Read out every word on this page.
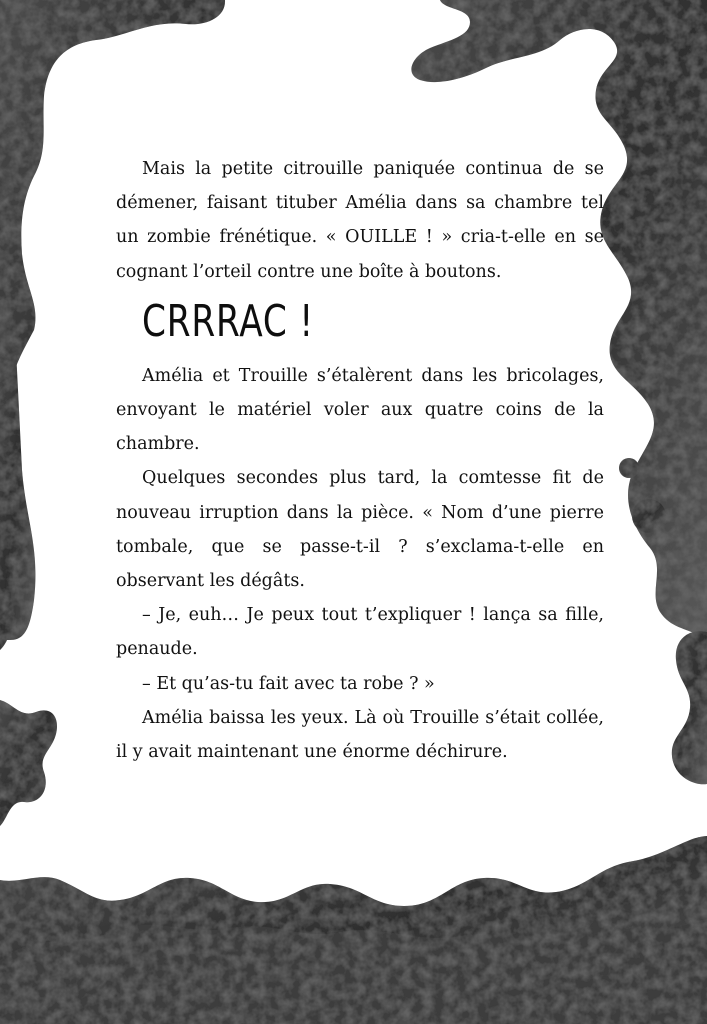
Mais la petite citrouille paniquée continua de se démener, faisant tituber Amélia dans sa chambre tel un zombie frénétique. « OUILLE ! » cria-t-elle en se cognant l’orteil contre une boîte à boutons.

CRRRAC !

Amélia et Trouille s’étalèrent dans les bricolages, envoyant le matériel voler aux quatre coins de la chambre.

Quelques secondes plus tard, la comtesse fit de nouveau irruption dans la pièce. « Nom d’une pierre tombale, que se passe-t-il ? s’exclama-t-elle en observant les dégâts.

– Je, euh… Je peux tout t’expliquer ! lança sa fille, penaude.

– Et qu’as-tu fait avec ta robe ? »

Amélia baissa les yeux. Là où Trouille s’était collée, il y avait maintenant une énorme déchirure.
